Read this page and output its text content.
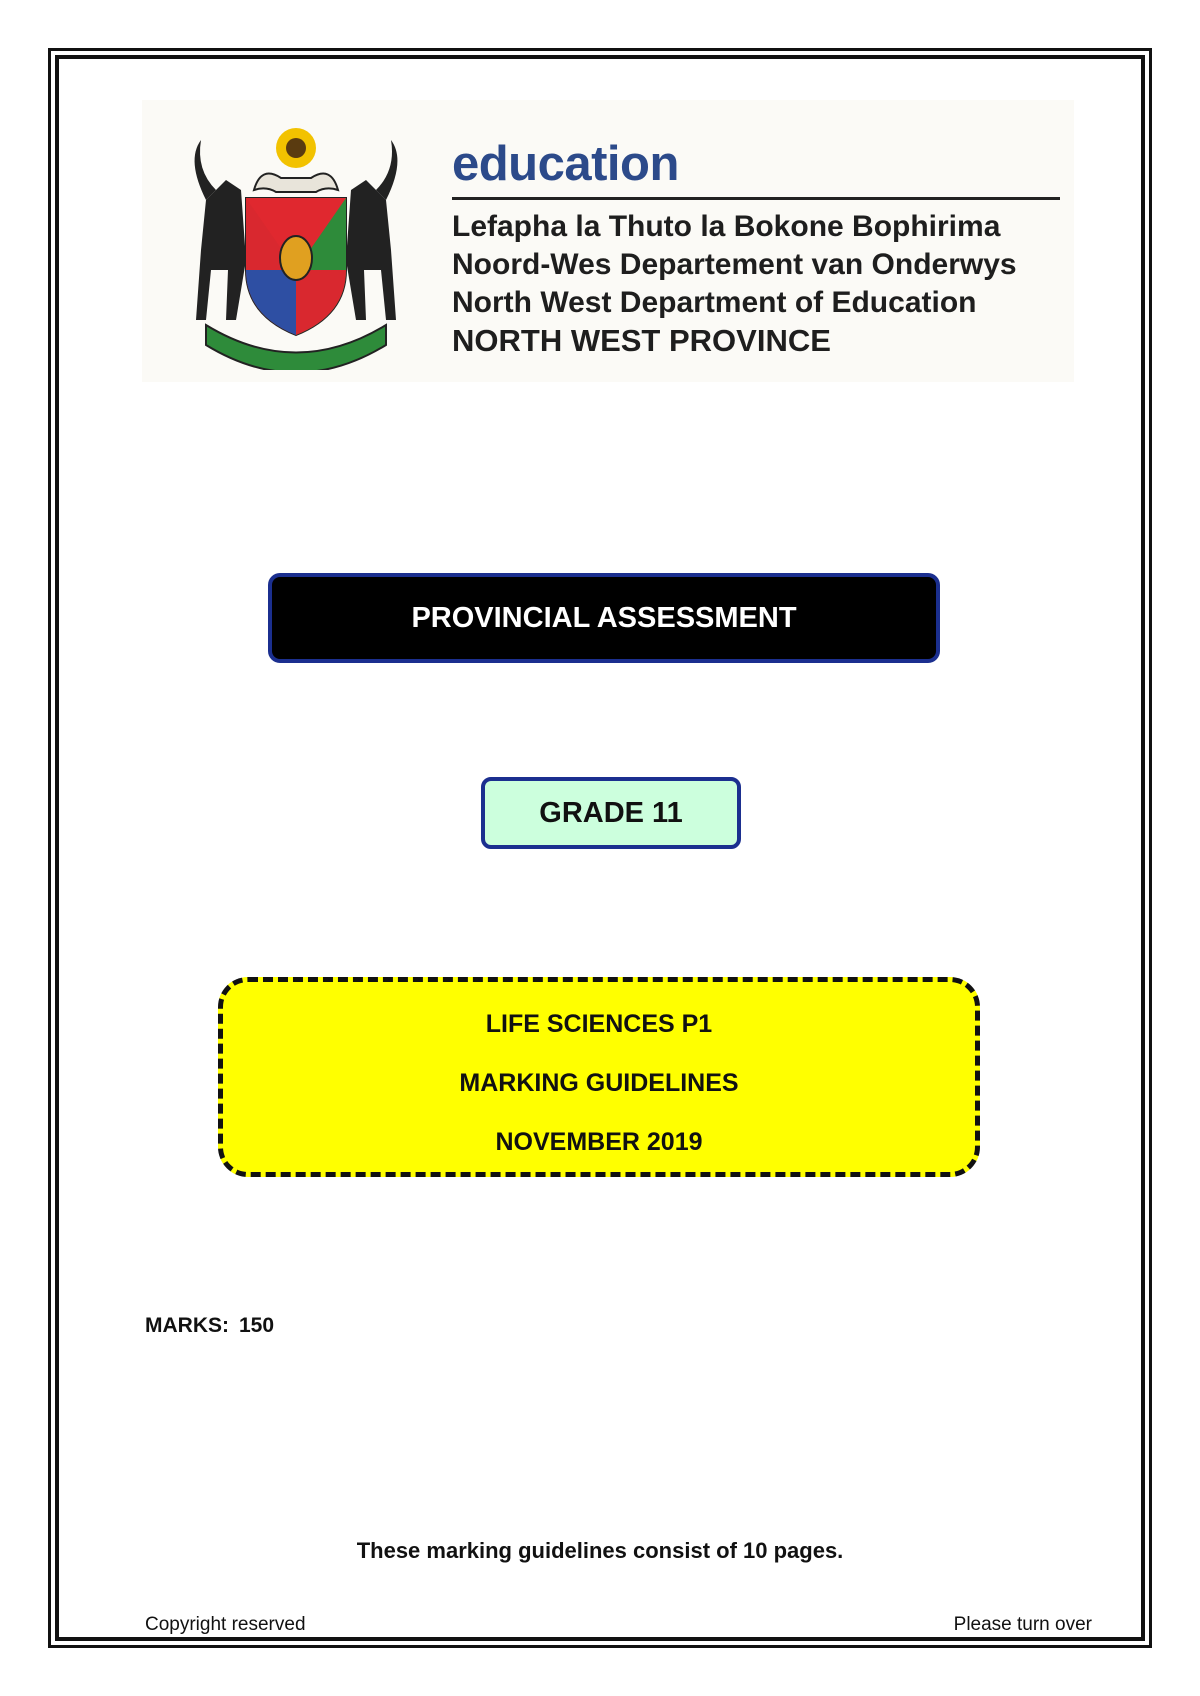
education
Lefapha la Thuto la Bokone Bophirima
Noord-Wes Departement van Onderwys
North West Department of Education
NORTH WEST PROVINCE
PROVINCIAL ASSESSMENT
GRADE 11
LIFE SCIENCES P1
MARKING GUIDELINES
NOVEMBER 2019
MARKS: 150
These marking guidelines consist of 10 pages.
Copyright reserved	Please turn over
